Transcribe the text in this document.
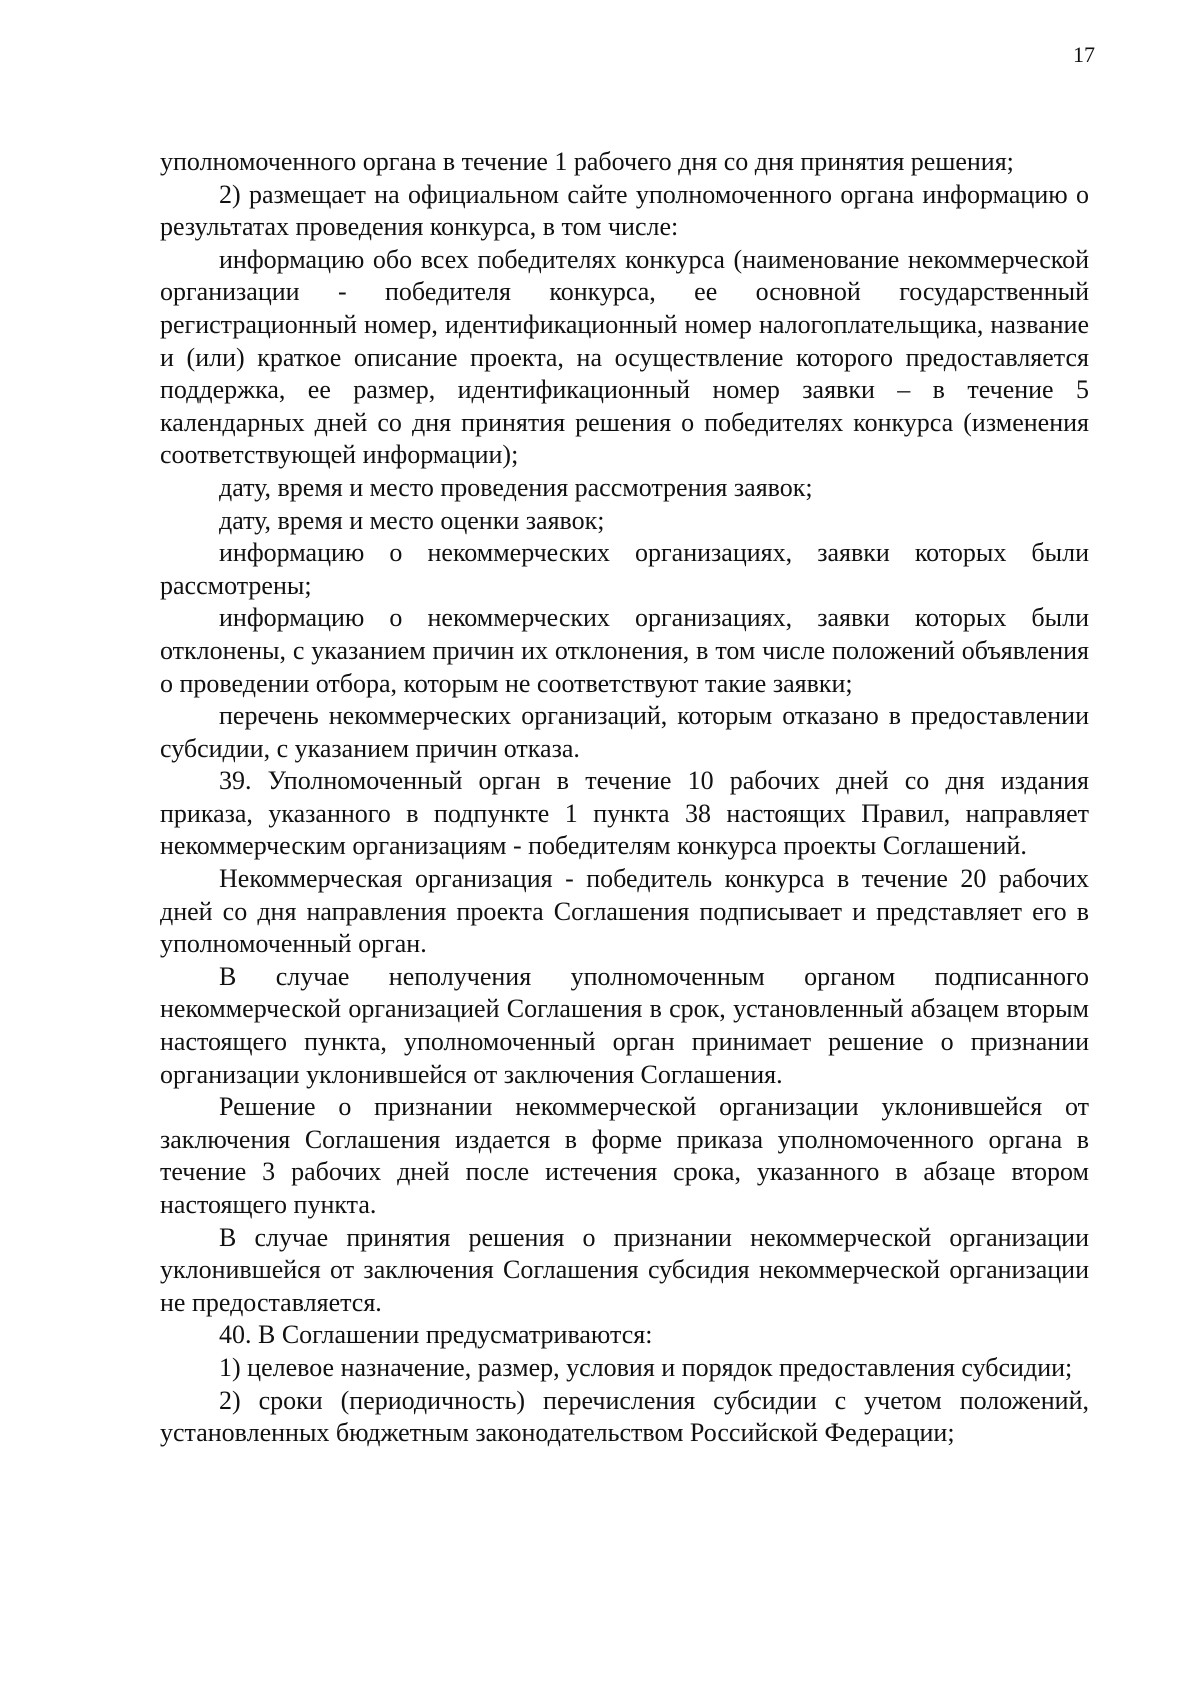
17

уполномоченного органа в течение 1 рабочего дня со дня принятия решения;

2) размещает на официальном сайте уполномоченного органа информацию о результатах проведения конкурса, в том числе:

информацию обо всех победителях конкурса (наименование некоммерческой организации - победителя конкурса, ее основной государственный регистрационный номер, идентификационный номер налогоплательщика, название и (или) краткое описание проекта, на осуществление которого предоставляется поддержка, ее размер, идентификационный номер заявки – в течение 5 календарных дней со дня принятия решения о победителях конкурса (изменения соответствующей информации);

дату, время и место проведения рассмотрения заявок;

дату, время и место оценки заявок;

информацию о некоммерческих организациях, заявки которых были рассмотрены;

информацию о некоммерческих организациях, заявки которых были отклонены, с указанием причин их отклонения, в том числе положений объявления о проведении отбора, которым не соответствуют такие заявки;

перечень некоммерческих организаций, которым отказано в предоставлении субсидии, с указанием причин отказа.

39. Уполномоченный орган в течение 10 рабочих дней со дня издания приказа, указанного в подпункте 1 пункта 38 настоящих Правил, направляет некоммерческим организациям - победителям конкурса проекты Соглашений.

Некоммерческая организация - победитель конкурса в течение 20 рабочих дней со дня направления проекта Соглашения подписывает и представляет его в уполномоченный орган.

В случае неполучения уполномоченным органом подписанного некоммерческой организацией Соглашения в срок, установленный абзацем вторым настоящего пункта, уполномоченный орган принимает решение о признании организации уклонившейся от заключения Соглашения.

Решение о признании некоммерческой организации уклонившейся от заключения Соглашения издается в форме приказа уполномоченного органа в течение 3 рабочих дней после истечения срока, указанного в абзаце втором настоящего пункта.

В случае принятия решения о признании некоммерческой организации уклонившейся от заключения Соглашения субсидия некоммерческой организации не предоставляется.

40. В Соглашении предусматриваются:

1) целевое назначение, размер, условия и порядок предоставления субсидии;

2) сроки (периодичность) перечисления субсидии с учетом положений, установленных бюджетным законодательством Российской Федерации;
